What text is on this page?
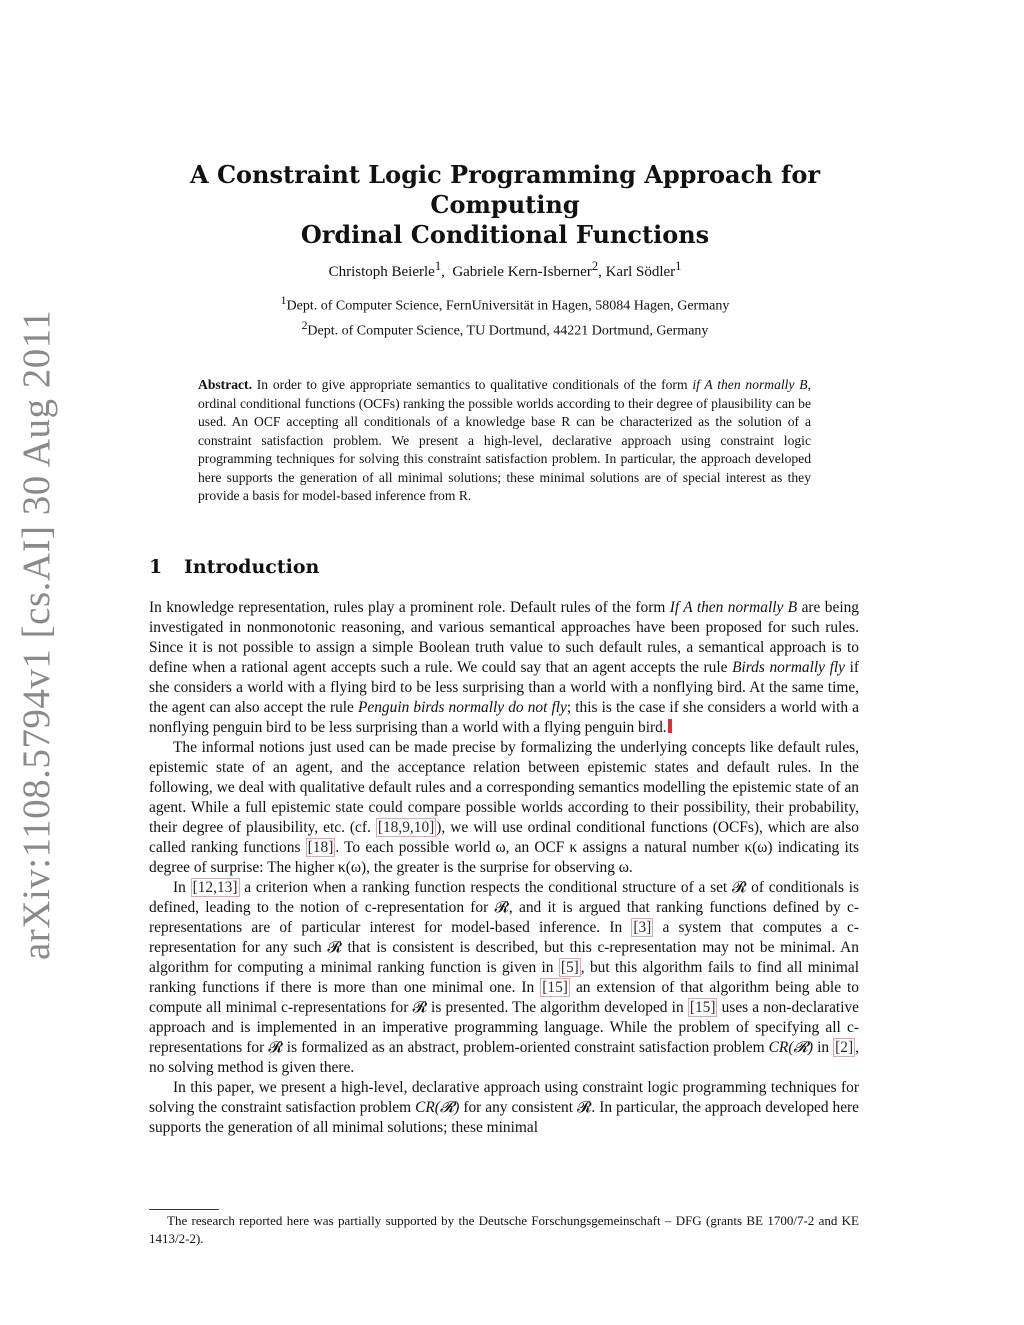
arXiv:1108.5794v1 [cs.AI] 30 Aug 2011
A Constraint Logic Programming Approach for Computing
Ordinal Conditional Functions
Christoph Beierle$^1$,  Gabriele Kern-Isberner$^2$, Karl Södler$^1$
$^1$Dept. of Computer Science, FernUniversität in Hagen, 58084 Hagen, Germany
$^2$Dept. of Computer Science, TU Dortmund, 44221 Dortmund, Germany
Abstract. In order to give appropriate semantics to qualitative conditionals of the form if A then normally B, ordinal conditional functions (OCFs) ranking the possible worlds according to their degree of plausibility can be used. An OCF accepting all conditionals of a knowledge base R can be characterized as the solution of a constraint satisfaction problem. We present a high-level, declarative approach using constraint logic programming techniques for solving this constraint satisfaction problem. In particular, the approach developed here supports the generation of all minimal solutions; these minimal solutions are of special interest as they provide a basis for model-based inference from R.
1 Introduction

In knowledge representation, rules play a prominent role. Default rules of the form If A then normally B are being investigated in nonmonotonic reasoning, and various semantical approaches have been proposed for such rules. Since it is not possible to assign a simple Boolean truth value to such default rules, a semantical approach is to define when a rational agent accepts such a rule. We could say that an agent accepts the rule Birds normally fly if she considers a world with a flying bird to be less surprising than a world with a nonflying bird. At the same time, the agent can also accept the rule Penguin birds normally do not fly; this is the case if she considers a world with a nonflying penguin bird to be less surprising than a world with a flying penguin bird.

The informal notions just used can be made precise by formalizing the underlying concepts like default rules, epistemic state of an agent, and the acceptance relation between epistemic states and default rules. In the following, we deal with qualitative default rules and a corresponding semantics modelling the epistemic state of an agent. While a full epistemic state could compare possible worlds according to their possibility, their probability, their degree of plausibility, etc. (cf. [18,9,10] ), we will use ordinal conditional functions (OCFs), which are also called ranking functions [18] . To each possible world ω, an OCF κ assigns a natural number κ(ω) indicating its degree of surprise: The higher κ(ω), the greater is the surprise for observing ω.

In [12,13] a criterion when a ranking function respects the conditional structure of a set 𝓡 of conditionals is defined, leading to the notion of c-representation for 𝓡, and it is argued that ranking functions defined by c-representations are of particular interest for model-based inference. In [3] a system that computes a c-representation for any such 𝓡 that is consistent is described, but this c-representation may not be minimal. An algorithm for computing a minimal ranking function is given in [5] , but this algorithm fails to find all minimal ranking functions if there is more than one minimal one. In [15] an extension of that algorithm being able to compute all minimal c-representations for 𝓡 is presented. The algorithm developed in [15] uses a non-declarative approach and is implemented in an imperative programming language. While the problem of specifying all c-representations for 𝓡 is formalized as an abstract, problem-oriented constraint satisfaction problem CR(𝓡) in [2] , no solving method is given there.

In this paper, we present a high-level, declarative approach using constraint logic programming techniques for solving the constraint satisfaction problem CR(𝓡) for any consistent 𝓡. In particular, the approach developed here supports the generation of all minimal solutions; these minimal

The research reported here was partially supported by the Deutsche Forschungsgemeinschaft – DFG (grants BE 1700/7-2 and KE 1413/2-2).
